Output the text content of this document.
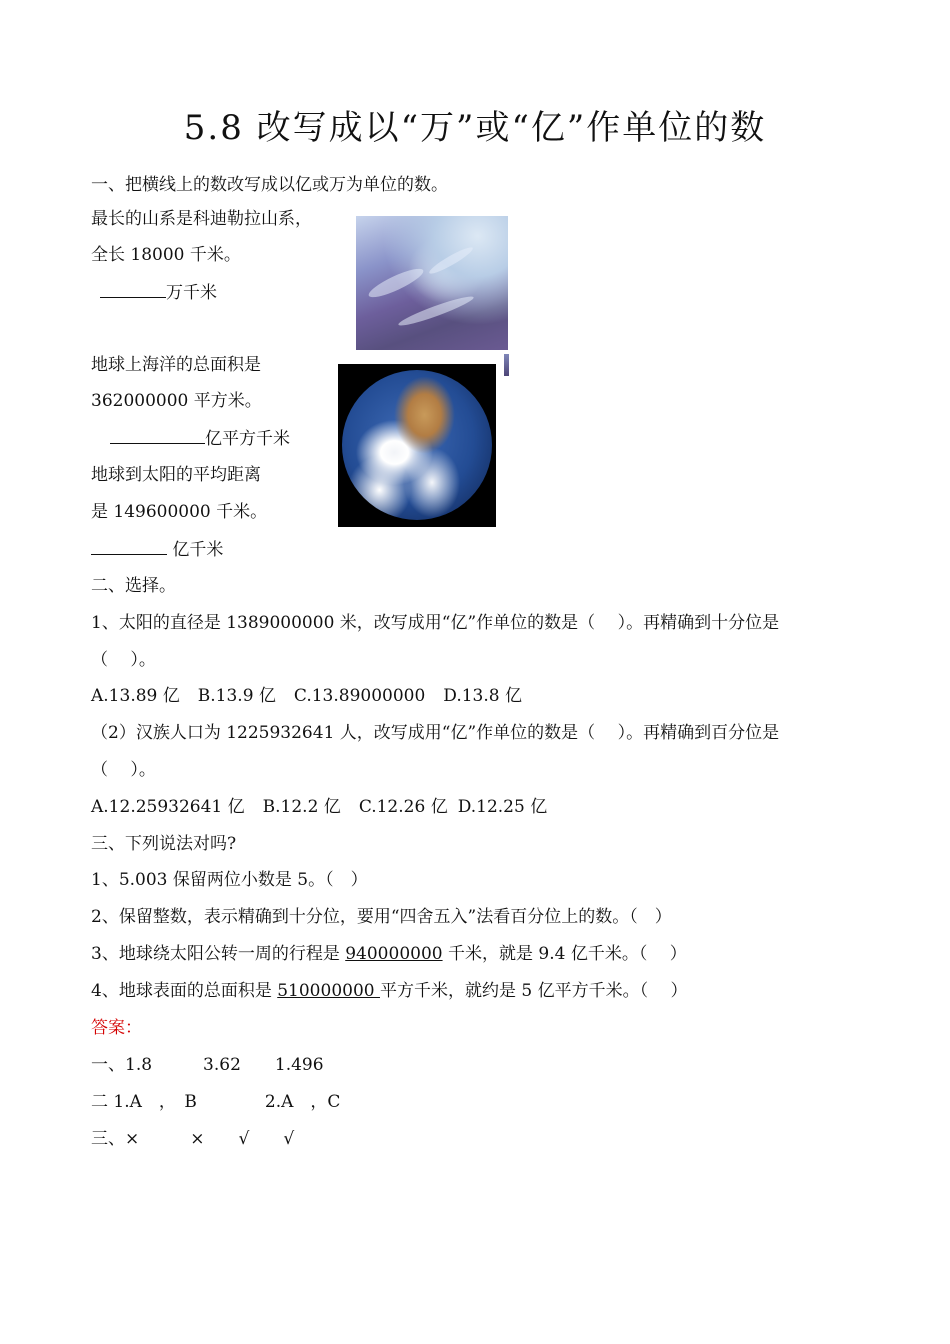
5.8 改写成以“万”或“亿”作单位的数
一、把横线上的数改写成以亿或万为单位的数。
最长的山系是科迪勒拉山系，
全长 18000 千米。
万千米
地球上海洋的总面积是
362000000 平方米。
亿平方千米
地球到太阳的平均距离
是 149600000 千米。
亿千米
二、选择。
1、太阳的直径是 1389000000 米，改写成用“亿”作单位的数是（　 ）。再精确到十分位是
（　 ）。
A.13.89 亿 B.13.9 亿 C.13.89000000 D.13.8 亿
（2）汉族人口为 1225932641 人，改写成用“亿”作单位的数是（　 ）。再精确到百分位是
（　 ）。
A.12.25932641 亿 B.12.2 亿 C.12.26 亿 D.12.25 亿
三、下列说法对吗?
1、5.003 保留两位小数是 5。（　）
2、保留整数，表示精确到十分位，要用“四舍五入”法看百分位上的数。（　）
3、地球绕太阳公转一周的行程是 940000000 千米，就是 9.4 亿千米。（　 ）
4、地球表面的总面积是 510000000 平方千米，就约是 5 亿平方千米。（　 ）
答案：
一、1.8　　　3.62　　1.496
二 1.A　，　B　　　　2.A　，C
三、×　　　×　　√　　√
